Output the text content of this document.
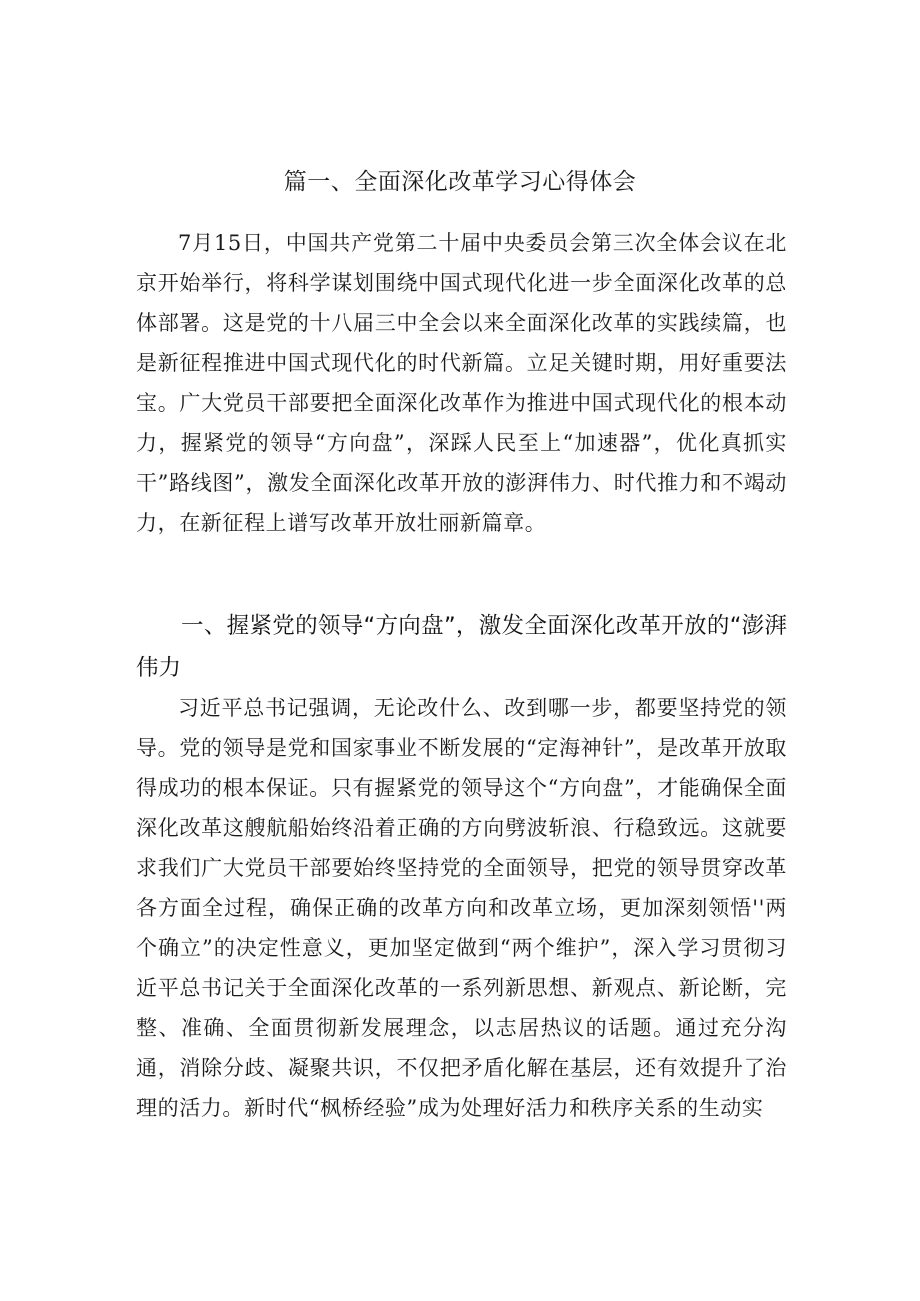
篇一、全面深化改革学习心得体会
7月15日，中国共产党第二十届中央委员会第三次全体会议在北京开始举行，将科学谋划围绕中国式现代化进一步全面深化改革的总体部署。这是党的十八届三中全会以来全面深化改革的实践续篇，也是新征程推进中国式现代化的时代新篇。立足关键时期，用好重要法宝。广大党员干部要把全面深化改革作为推进中国式现代化的根本动力，握紧党的领导“方向盘”，深踩人民至上“加速器”，优化真抓实干”路线图”，激发全面深化改革开放的澎湃伟力、时代推力和不竭动力，在新征程上谱写改革开放壮丽新篇章。
一、握紧党的领导“方向盘”，激发全面深化改革开放的“澎湃伟力
习近平总书记强调，无论改什么、改到哪一步，都要坚持党的领导。党的领导是党和国家事业不断发展的“定海神针”，是改革开放取得成功的根本保证。只有握紧党的领导这个“方向盘”，才能确保全面深化改革这艘航船始终沿着正确的方向劈波斩浪、行稳致远。这就要求我们广大党员干部要始终坚持党的全面领导，把党的领导贯穿改革各方面全过程，确保正确的改革方向和改革立场，更加深刻领悟''两个确立”的决定性意义，更加坚定做到“两个维护”，深入学习贯彻习近平总书记关于全面深化改革的一系列新思想、新观点、新论断，完整、准确、全面贯彻新发展理念，以志居热议的话题。通过充分沟通，消除分歧、凝聚共识，不仅把矛盾化解在基层，还有效提升了治理的活力。新时代“枫桥经验”成为处理好活力和秩序关系的生动实
